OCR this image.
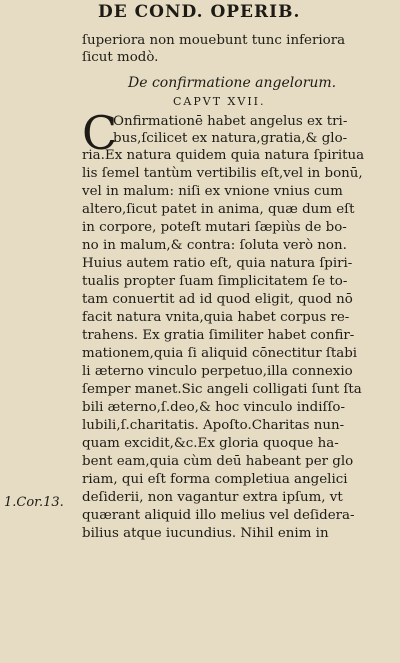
DE COND. OPERIB.
ſuperiora non mouebunt tunc inferiora
ſicut modò.
De confirmatione angelorum.
CAPVT XVII.
C
Onfirmationē habet angelus ex tri-
bus,ſcilicet ex natura,gratia,& glo-
ria.Ex natura quidem quia natura ſpiritua
lis ſemel tantùm vertibilis eſt,vel in bonū,
vel in malum: niſi ex vnione vnius cum
altero,ſicut patet in anima, quæ dum eſt
in corpore, poteſt mutari ſæpiùs de bo-
no in malum,& contra: ſoluta verò non.
Huius autem ratio eſt, quia natura ſpiri-
tualis propter ſuam ſimplicitatem ſe to-
tam conuertit ad id quod eligit, quod nō
facit natura vnita,quia habet corpus re-
trahens. Ex gratia ſimiliter habet confir-
mationem,quia ſi aliquid cōnectitur ſtabi
li æterno vinculo perpetuo,illa connexio
ſemper manet.Sic angeli colligati ſunt ſta
bili æterno,ſ.deo,& hoc vinculo indiſſo-
lubili,ſ.charitatis. Apoſto.Charitas nun-
quam excidit,&c.Ex gloria quoque ha-
bent eam,quia cùm deū habeant per glo
riam, qui eſt forma completiua angelici
deſiderii, non vagantur extra ipſum, vt
quærant aliquid illo melius vel deſidera-
bilius atque iucundius. Nihil enim in
1.Cor.13.
